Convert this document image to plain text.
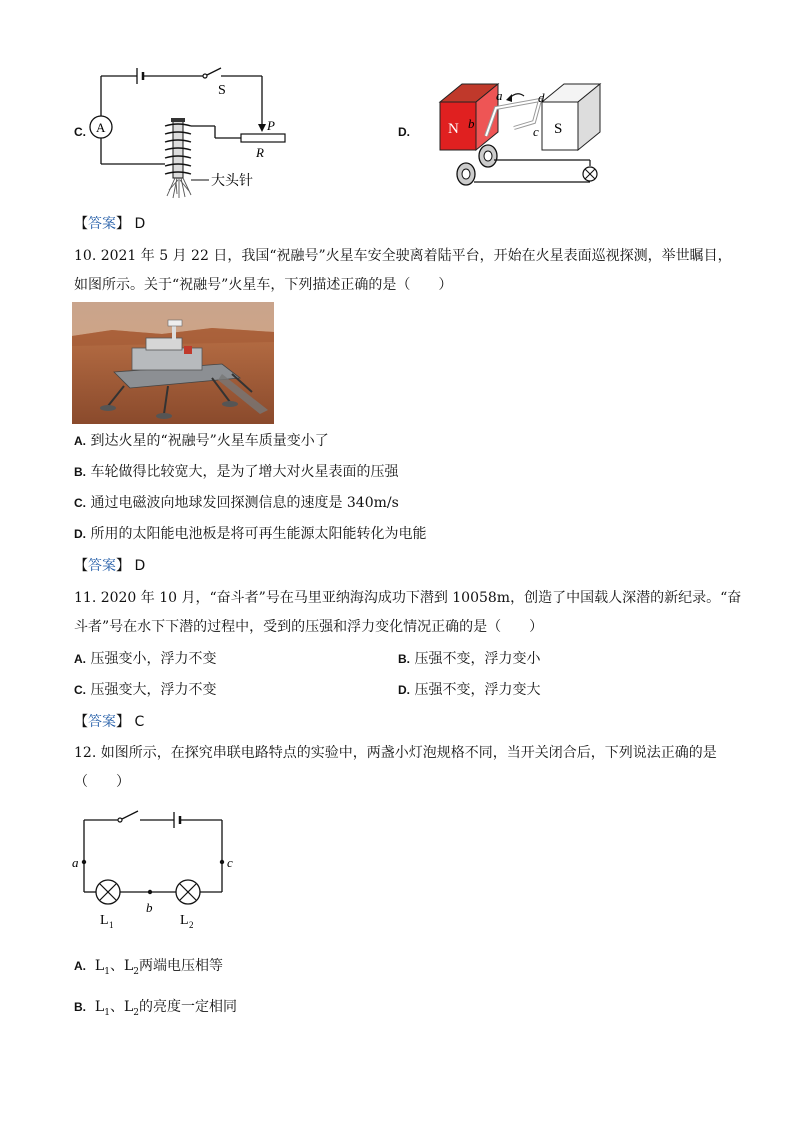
C.
S
A	P
R
大头针
D.	N	S
a
b
c
d
【答案】 D
10. 2021 年 5 月 22 日，我国“祝融号”火星车安全驶离着陆平台，开始在火星表面巡视探测，举世瞩目，
如图所示。关于“祝融号”火星车，下列描述正确的是（　　）
A. 到达火星的“祝融号”火星车质量变小了
B. 车轮做得比较宽大，是为了增大对火星表面的压强
C. 通过电磁波向地球发回探测信息的速度是 340m/s
D. 所用的太阳能电池板是将可再生能源太阳能转化为电能
【答案】 D
11. 2020 年 10 月，“奋斗者”号在马里亚纳海沟成功下潜到 10058m，创造了中国载人深潜的新纪录。“奋
斗者”号在水下下潜的过程中，受到的压强和浮力变化情况正确的是（　　）
A. 压强变小，浮力不变	B. 压强不变，浮力变小
C. 压强变大，浮力不变	D. 压强不变，浮力变大
【答案】 C
12. 如图所示，在探究串联电路特点的实验中，两盏小灯泡规格不同，当开关闭合后，下列说法正确的是
（　　）
a	c
b
L 1	L 2
A. $L_1$、$L_2$两端电压相等
B. $L_1$、$L_2$的亮度一定相同
